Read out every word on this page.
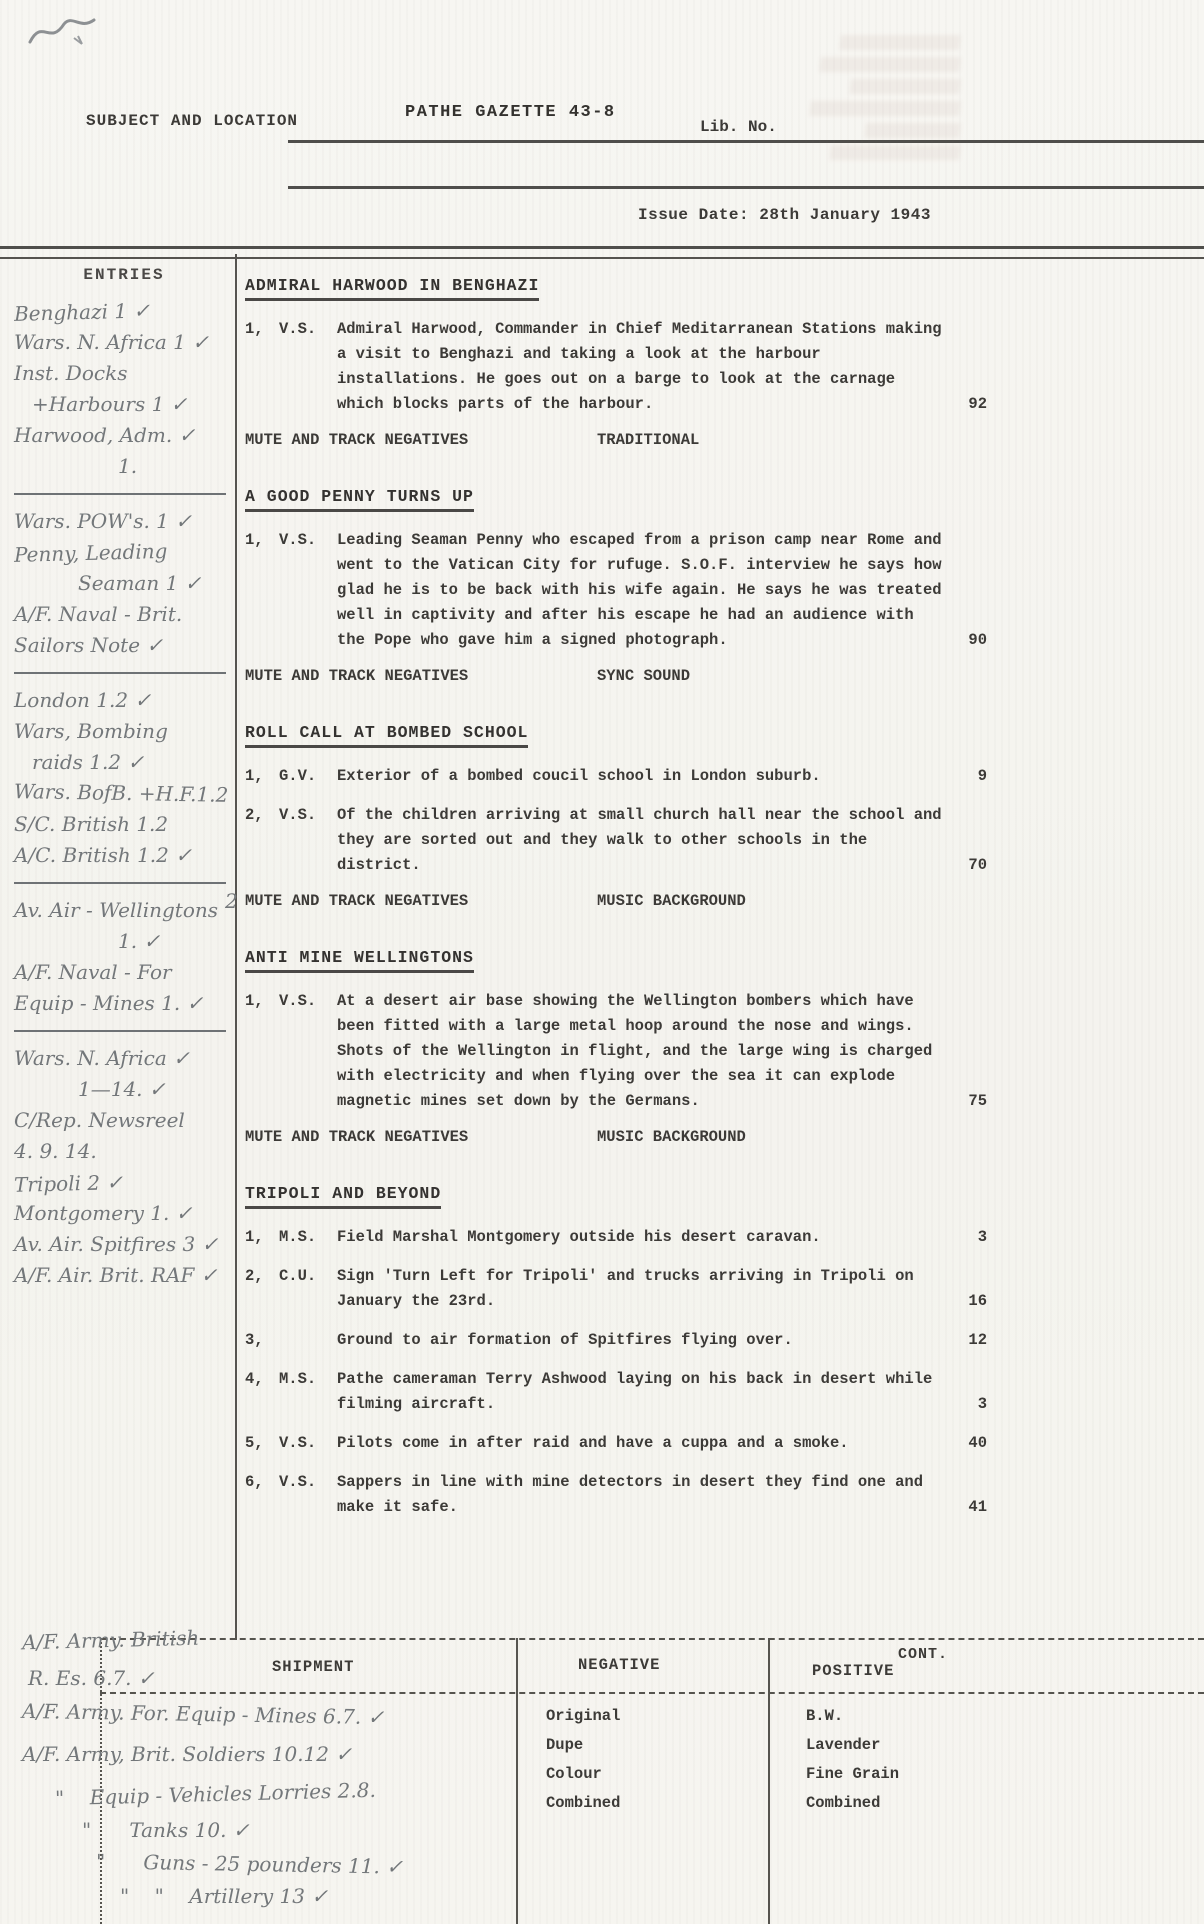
SUBJECT AND LOCATION	PATHE GAZETTE 43-8
Lib. No.
Issue Date: 28th January 1943
ENTRIES
Benghazi 1 ✓
Wars. N. Africa 1 ✓
Inst. Docks
+Harbours 1 ✓
Harwood, Adm. ✓
1.
Wars. POW's. 1 ✓
Penny, Leading
Seaman 1 ✓
A/F. Naval - Brit.
Sailors Note ✓
London 1.2 ✓
Wars, Bombing
raids 1.2 ✓
Wars. BofB. +H.F.1.2
S/C. British 1.2
A/C. British 1.2 ✓
Av. Air - Wellingtons
1. ✓
A/F. Naval - For
Equip - Mines 1. ✓
Wars. N. Africa ✓
1—14. ✓
C/Rep. Newsreel
4. 9. 14.
Tripoli 2 ✓
Montgomery 1. ✓
Av. Air. Spitfires 3 ✓
A/F. Air. Brit. RAF ✓
ADMIRAL HARWOOD IN BENGHAZI
1, V.S.	Admiral Harwood, Commander in Chief Meditarranean Stations making a visit to Benghazi and taking a look at the harbour installations. He goes out on a barge to look at the carnage which blocks parts of the harbour.	92
MUTE AND TRACK NEGATIVES	TRADITIONAL
A GOOD PENNY TURNS UP
1, V.S.	Leading Seaman Penny who escaped from a prison camp near Rome and went to the Vatican City for rufuge. S.O.F. interview he says how glad he is to be back with his wife again. He says he was treated well in captivity and after his escape he had an audience with the Pope who gave him a signed photograph.	90
MUTE AND TRACK NEGATIVES	SYNC SOUND
ROLL CALL AT BOMBED SCHOOL
1, G.V.	Exterior of a bombed coucil school in London suburb.	9
2, V.S.	Of the children arriving at small church hall near the school and they are sorted out and they walk to other schools in the district.	70
2 MUTE AND TRACK NEGATIVES	MUSIC BACKGROUND
ANTI MINE WELLINGTONS
1, V.S.	At a desert air base showing the Wellington bombers which have been fitted with a large metal hoop around the nose and wings. Shots of the Wellington in flight, and the large wing is charged with electricity and when flying over the sea it can explode magnetic mines set down by the Germans.	75
MUTE AND TRACK NEGATIVES	MUSIC BACKGROUND
TRIPOLI AND BEYOND
1, M.S.	Field Marshal Montgomery outside his desert caravan.	3
2, C.U.	Sign 'Turn Left for Tripoli' and trucks arriving in Tripoli on January the 23rd.	16
3,	Ground to air formation of Spitfires flying over.	12
4, M.S.	Pathe cameraman Terry Ashwood laying on his back in desert while filming aircraft.	3
5, V.S.	Pilots come in after raid and have a cuppa and a smoke.	40
6, V.S.	Sappers in line with mine detectors in desert they find one and make it safe.	41
SHIPMENT	NEGATIVE	POSITIVE
CONT.
Original
Dupe
Colour
Combined
B.W.
Lavender
Fine Grain
Combined
A/F. Army. British
R. Es. 6.7. ✓
A/F. Army. For. Equip - Mines 6.7. ✓
A/F. Army, Brit. Soldiers 10.12 ✓
"    Equip - Vehicles Lorries 2.8.
"      Tanks 10. ✓
"      Guns - 25 pounders 11. ✓
"    "    Artillery 13 ✓
